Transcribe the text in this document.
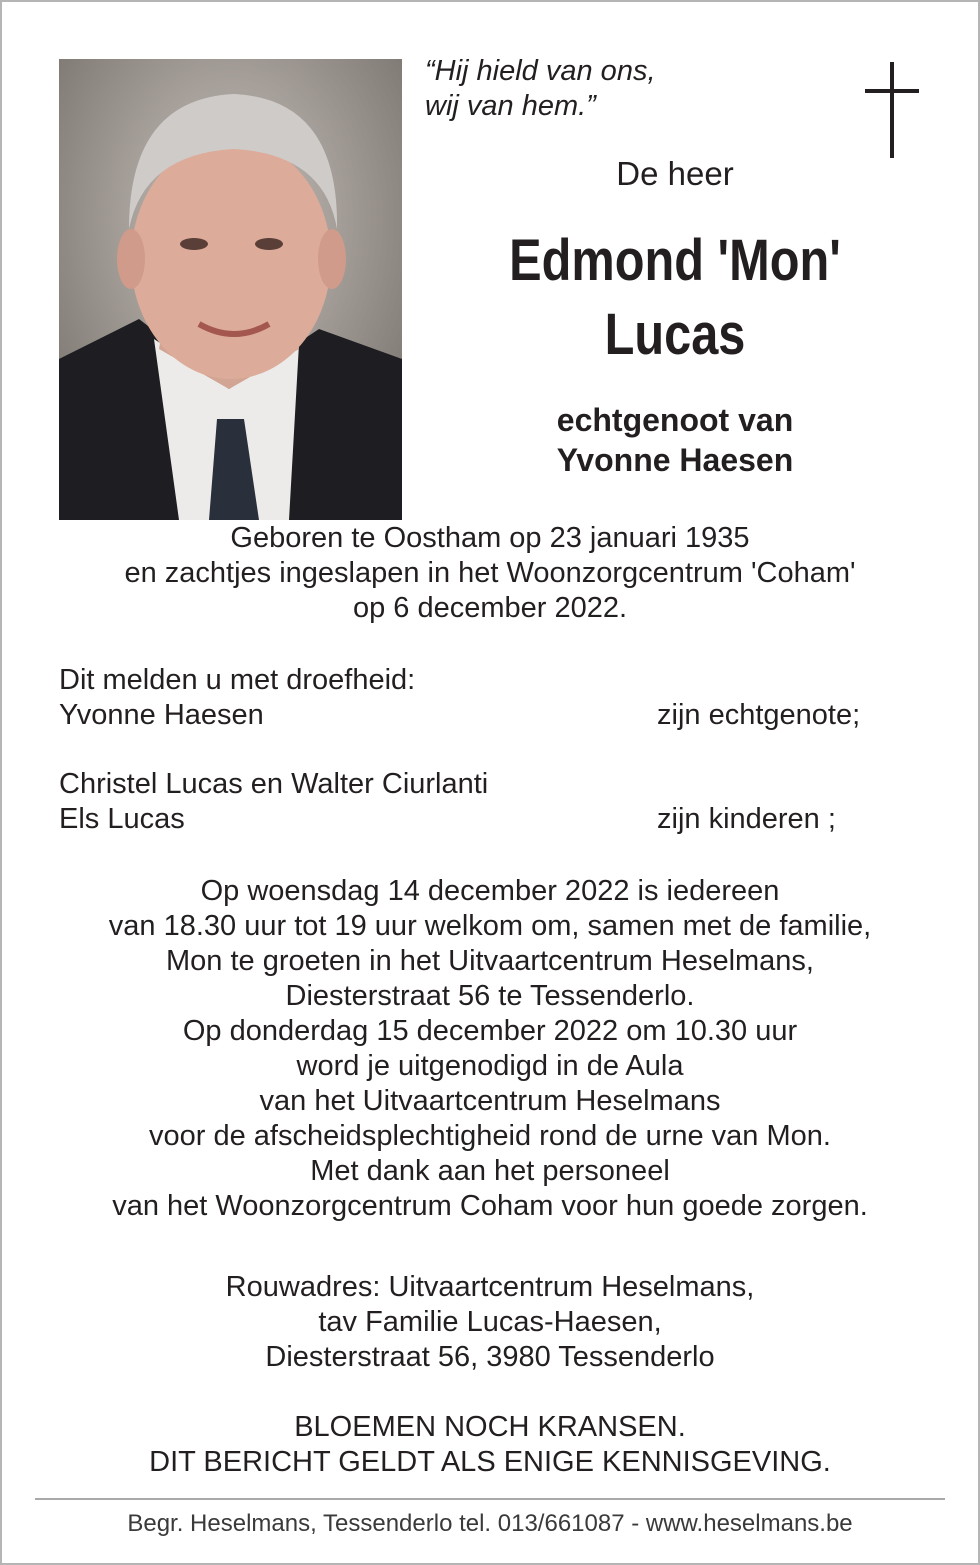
“Hij hield van ons,
wij van hem.”
De heer
Edmond 'Mon'
Lucas
echtgenoot van
Yvonne Haesen
Geboren te Oostham op 23 januari 1935
en zachtjes ingeslapen in het Woonzorgcentrum 'Coham'
op 6 december 2022.
Dit melden u met droefheid:
Yvonne Haesen	zijn echtgenote;
Christel Lucas en Walter Ciurlanti
Els Lucas	zijn kinderen ;
Op woensdag 14 december 2022 is iedereen
van 18.30 uur tot 19 uur welkom om, samen met de familie,
Mon te groeten in het Uitvaartcentrum Heselmans,
Diesterstraat 56 te Tessenderlo.
Op donderdag 15 december 2022 om 10.30 uur
word je uitgenodigd in de Aula
van het Uitvaartcentrum Heselmans
voor de afscheidsplechtigheid rond de urne van Mon.
Met dank aan het personeel
van het Woonzorgcentrum Coham voor hun goede zorgen.
Rouwadres: Uitvaartcentrum Heselmans,
tav Familie Lucas-Haesen,
Diesterstraat 56, 3980 Tessenderlo
BLOEMEN NOCH KRANSEN.
DIT BERICHT GELDT ALS ENIGE KENNISGEVING.
Begr. Heselmans, Tessenderlo tel. 013/661087 - www.heselmans.be
